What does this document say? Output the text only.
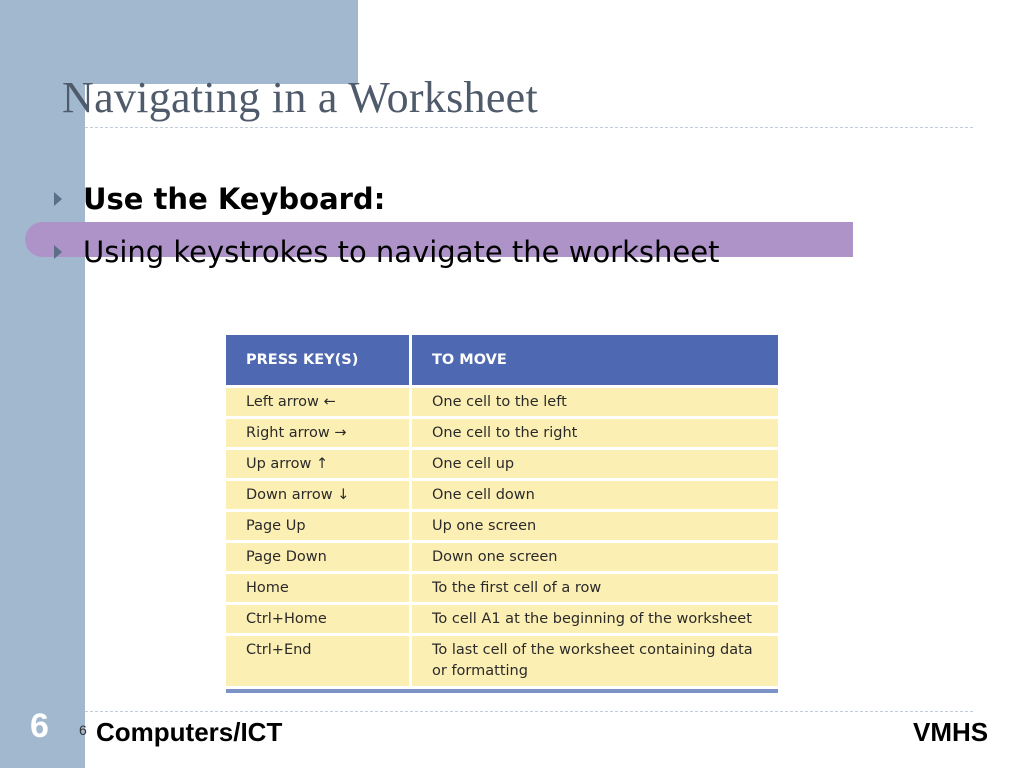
Navigating in a Worksheet
Use the Keyboard:
Using keystrokes to navigate the worksheet
PRESS KEY(S)	TO MOVE
Left arrow ←	One cell to the left
Right arrow →	One cell to the right
Up arrow ↑	One cell up
Down arrow ↓	One cell down
Page Up	Up one screen
Page Down	Down one screen
Home	To the first cell of a row
Ctrl+Home	To cell A1 at the beginning of the worksheet
Ctrl+End	To last cell of the worksheet containing data or formatting
6 6 Computers/ICT	VMHS
